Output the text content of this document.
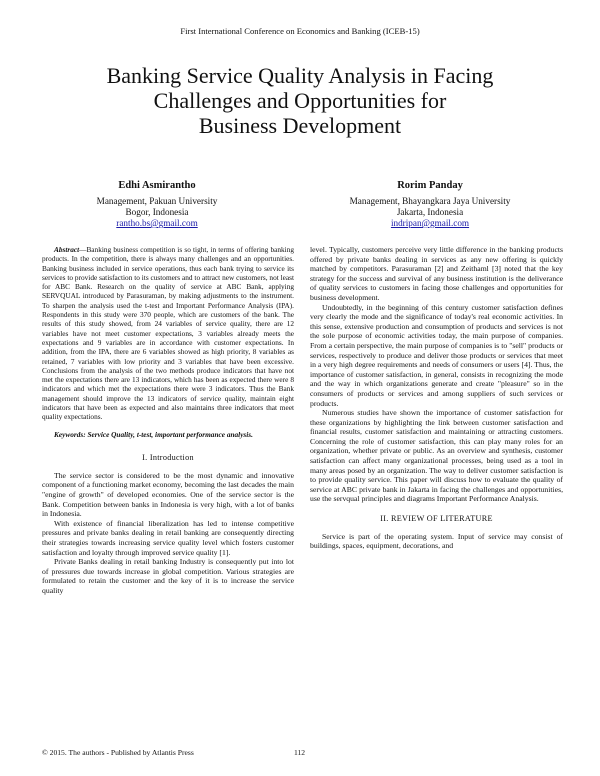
First International Conference on Economics and Banking (ICEB-15)
Banking Service Quality Analysis in Facing
Challenges and Opportunities for
Business Development
Edhi Asmirantho
Management, Pakuan University
Bogor, Indonesia
rantho.bs@gmail.com
Rorim Panday
Management, Bhayangkara Jaya University
Jakarta, Indonesia
indripan@gmail.com

Abstract—Banking business competition is so tight, in terms of offering banking products. In the competition, there is always many challenges and an opportunities. Banking business included in service operations, thus each bank trying to service its services to provide satisfaction to its customers and to attract new customers, not least for ABC Bank. Research on the quality of service at ABC Bank, applying SERVQUAL introduced by Parasuraman, by making adjustments to the instrument. To sharpen the analysis used the t-test and Important Performance Analysis (IPA). Respondents in this study were 370 people, which are customers of the bank. The results of this study showed, from 24 variables of service quality, there are 12 variables have not meet customer expectations, 3 variables already meets the expectations and 9 variables are in accordance with customer expectations. In addition, from the IPA, there are 6 variables showed as high priority, 8 variables as retained, 7 variables with low priority and 3 variables that have been excessive. Conclusions from the analysis of the two methods produce indicators that have not met the expectations there are 13 indicators, which has been as expected there were 8 indicators and which met the expectations there were 3 indicators. Thus the Bank management should improve the 13 indicators of service quality, maintain eight indicators that have been as expected and also maintains three indicators that meet quality expectations.

Keywords: Service Quality, t-test, important performance analysis.

I. Introduction

The service sector is considered to be the most dynamic and innovative component of a functioning market economy, becoming the last decades the main "engine of growth" of developed economies. One of the service sector is the Bank. Competition between banks in Indonesia is very high, with a lot of banks in Indonesia.

With existence of financial liberalization has led to intense competitive pressures and private banks dealing in retail banking are consequently directing their strategies towards increasing service quality level which fosters customer satisfaction and loyalty through improved service quality [1].

Private Banks dealing in retail banking Industry is consequently put into lot of pressures due towards increase in global competition. Various strategies are formulated to retain the customer and the key of it is to increase the service quality

level. Typically, customers perceive very little difference in the banking products offered by private banks dealing in services as any new offering is quickly matched by competitors. Parasuraman [2] and Zeithaml [3] noted that the key strategy for the success and survival of any business institution is the deliverance of quality services to customers in facing those challenges and opportunities for business development.

Undoubtedly, in the beginning of this century customer satisfaction defines very clearly the mode and the significance of today's real economic activities. In this sense, extensive production and consumption of products and services is not the sole purpose of economic activities today, the main purpose of companies. From a certain perspective, the main purpose of companies is to "sell" products or services, respectively to produce and deliver those products or services that meet in a very high degree requirements and needs of consumers or users [4]. Thus, the importance of customer satisfaction, in general, consists in recognizing the mode and the way in which organizations generate and create "pleasure" so in the consumers of products or services and among suppliers of such services or products.

Numerous studies have shown the importance of customer satisfaction for these organizations by highlighting the link between customer satisfaction and financial results, customer satisfaction and maintaining or attracting customers. Concerning the role of customer satisfaction, this can play many roles for an organization, whether private or public. As an overview and synthesis, customer satisfaction can affect many organizational processes, being used as a tool in many areas posed by an organization. The way to deliver customer satisfaction is to provide quality service. This paper will discuss how to evaluate the quality of service at ABC private bank in Jakarta in facing the challenges and opportunities, use the servqual principles and diagrams Important Performance Analysis.

II. REVIEW OF LITERATURE

Service is part of the operating system. Input of service may consist of buildings, spaces, equipment, decorations, and

© 2015. The authors - Published by Atlantis Press	112
